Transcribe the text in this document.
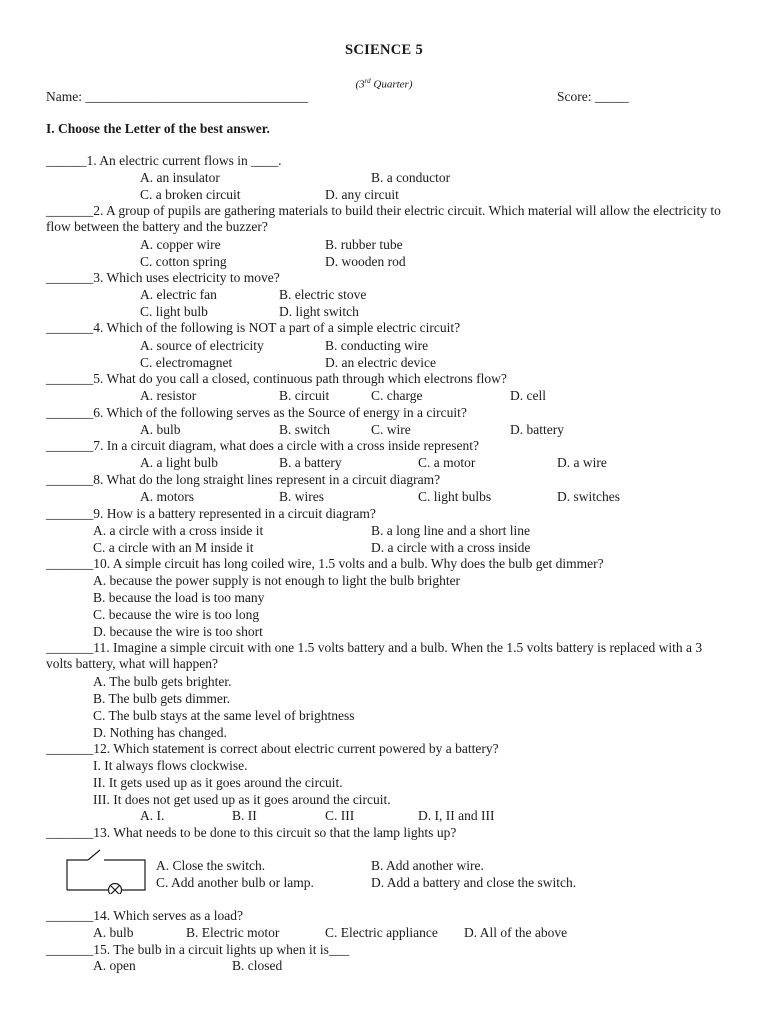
SCIENCE 5
(3rd Quarter)
Name: _________________________________	Score: _____
I. Choose the Letter of the best answer.
______1. An electric current flows in ____.
A. an insulator	B. a conductor
C. a broken circuit	D. any circuit
_______2. A group of pupils are gathering materials to build their electric circuit. Which material will allow the electricity to flow between the battery and the buzzer?
A. copper wire	B. rubber tube
C. cotton spring	D. wooden rod
_______3. Which uses electricity to move?
A. electric fan	B. electric stove
C. light bulb	D. light switch
_______4. Which of the following is NOT a part of a simple electric circuit?
A. source of electricity	B. conducting wire
C. electromagnet	D. an electric device
_______5. What do you call a closed, continuous path through which electrons flow?
A. resistor	B. circuit	C. charge	D. cell
_______6. Which of the following serves as the Source of energy in a circuit?
A. bulb	B. switch	C. wire	D. battery
_______7. In a circuit diagram, what does a circle with a cross inside represent?
A. a light bulb	B. a battery	C. a motor	D. a wire
_______8. What do the long straight lines represent in a circuit diagram?
A. motors	B. wires	C. light bulbs	D. switches
_______9. How is a battery represented in a circuit diagram?
A. a circle with a cross inside it	B. a long line and a short line
C. a circle with an M inside it	D. a circle with a cross inside
_______10. A simple circuit has long coiled wire, 1.5 volts and a bulb. Why does the bulb get dimmer?
A. because the power supply is not enough to light the bulb brighter
B. because the load is too many
C. because the wire is too long
D. because the wire is too short
_______11. Imagine a simple circuit with one 1.5 volts battery and a bulb. When the 1.5 volts battery is replaced with a 3 volts battery, what will happen?
A. The bulb gets brighter.
B. The bulb gets dimmer.
C. The bulb stays at the same level of brightness
D. Nothing has changed.
_______12. Which statement is correct about electric current powered by a battery?
I. It always flows clockwise.
II. It gets used up as it goes around the circuit.
III. It does not get used up as it goes around the circuit.
A. I.	B. II	C. III	D. I, II and III
_______13. What needs to be done to this circuit so that the lamp lights up?
A. Close the switch.	B. Add another wire.
C. Add another bulb or lamp.	D. Add a battery and close the switch.
_______14. Which serves as a load?
A. bulb	B. Electric motor	C. Electric appliance D. All of the above
_______15. The bulb in a circuit lights up when it is___
A. open	B. closed
